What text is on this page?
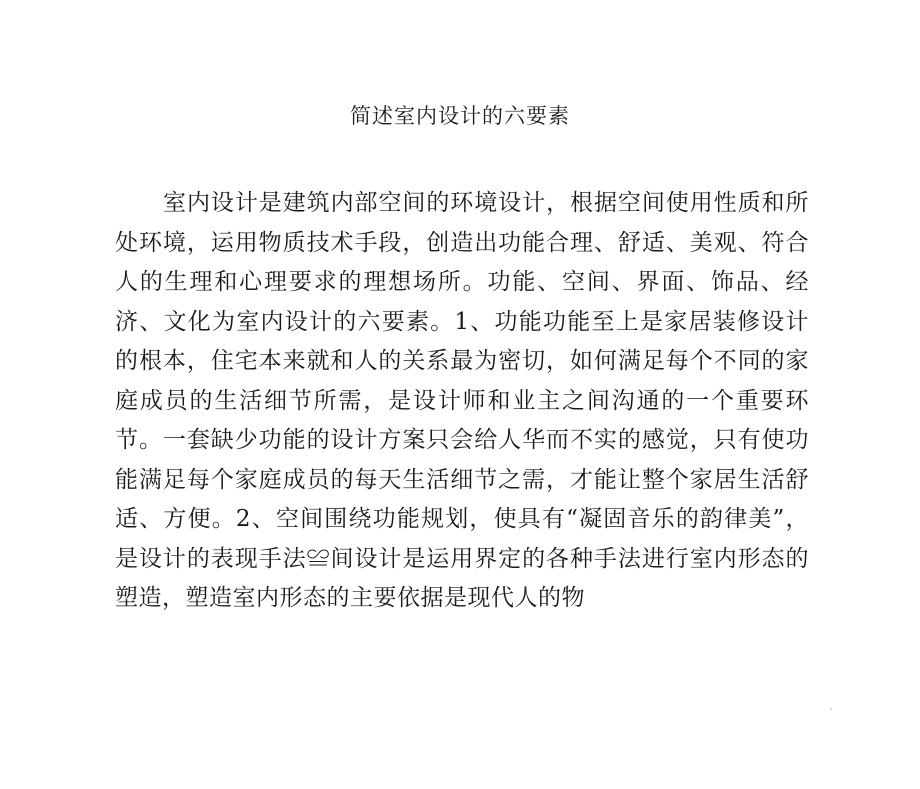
简述室内设计的六要素

室内设计是建筑内部空间的环境设计，根据空间使用性质和所处环境，运用物质技术手段，创造出功能合理、舒适、美观、符合人的生理和心理要求的理想场所。功能、空间、界面、饰品、经济、文化为室内设计的六要素。1、功能功能至上是家居装修设计的根本，住宅本来就和人的关系最为密切，如何满足每个不同的家庭成员的生活细节所需，是设计师和业主之间沟通的一个重要环节。一套缺少功能的设计方案只会给人华而不实的感觉，只有使功能满足每个家庭成员的每天生活细节之需，才能让整个家居生活舒适、方便。2、空间围绕功能规划，使具有“凝固音乐的韵律美”，是设计的表现手法≌间设计是运用界定的各种手法进行室内形态的塑造，塑造室内形态的主要依据是现代人的物
